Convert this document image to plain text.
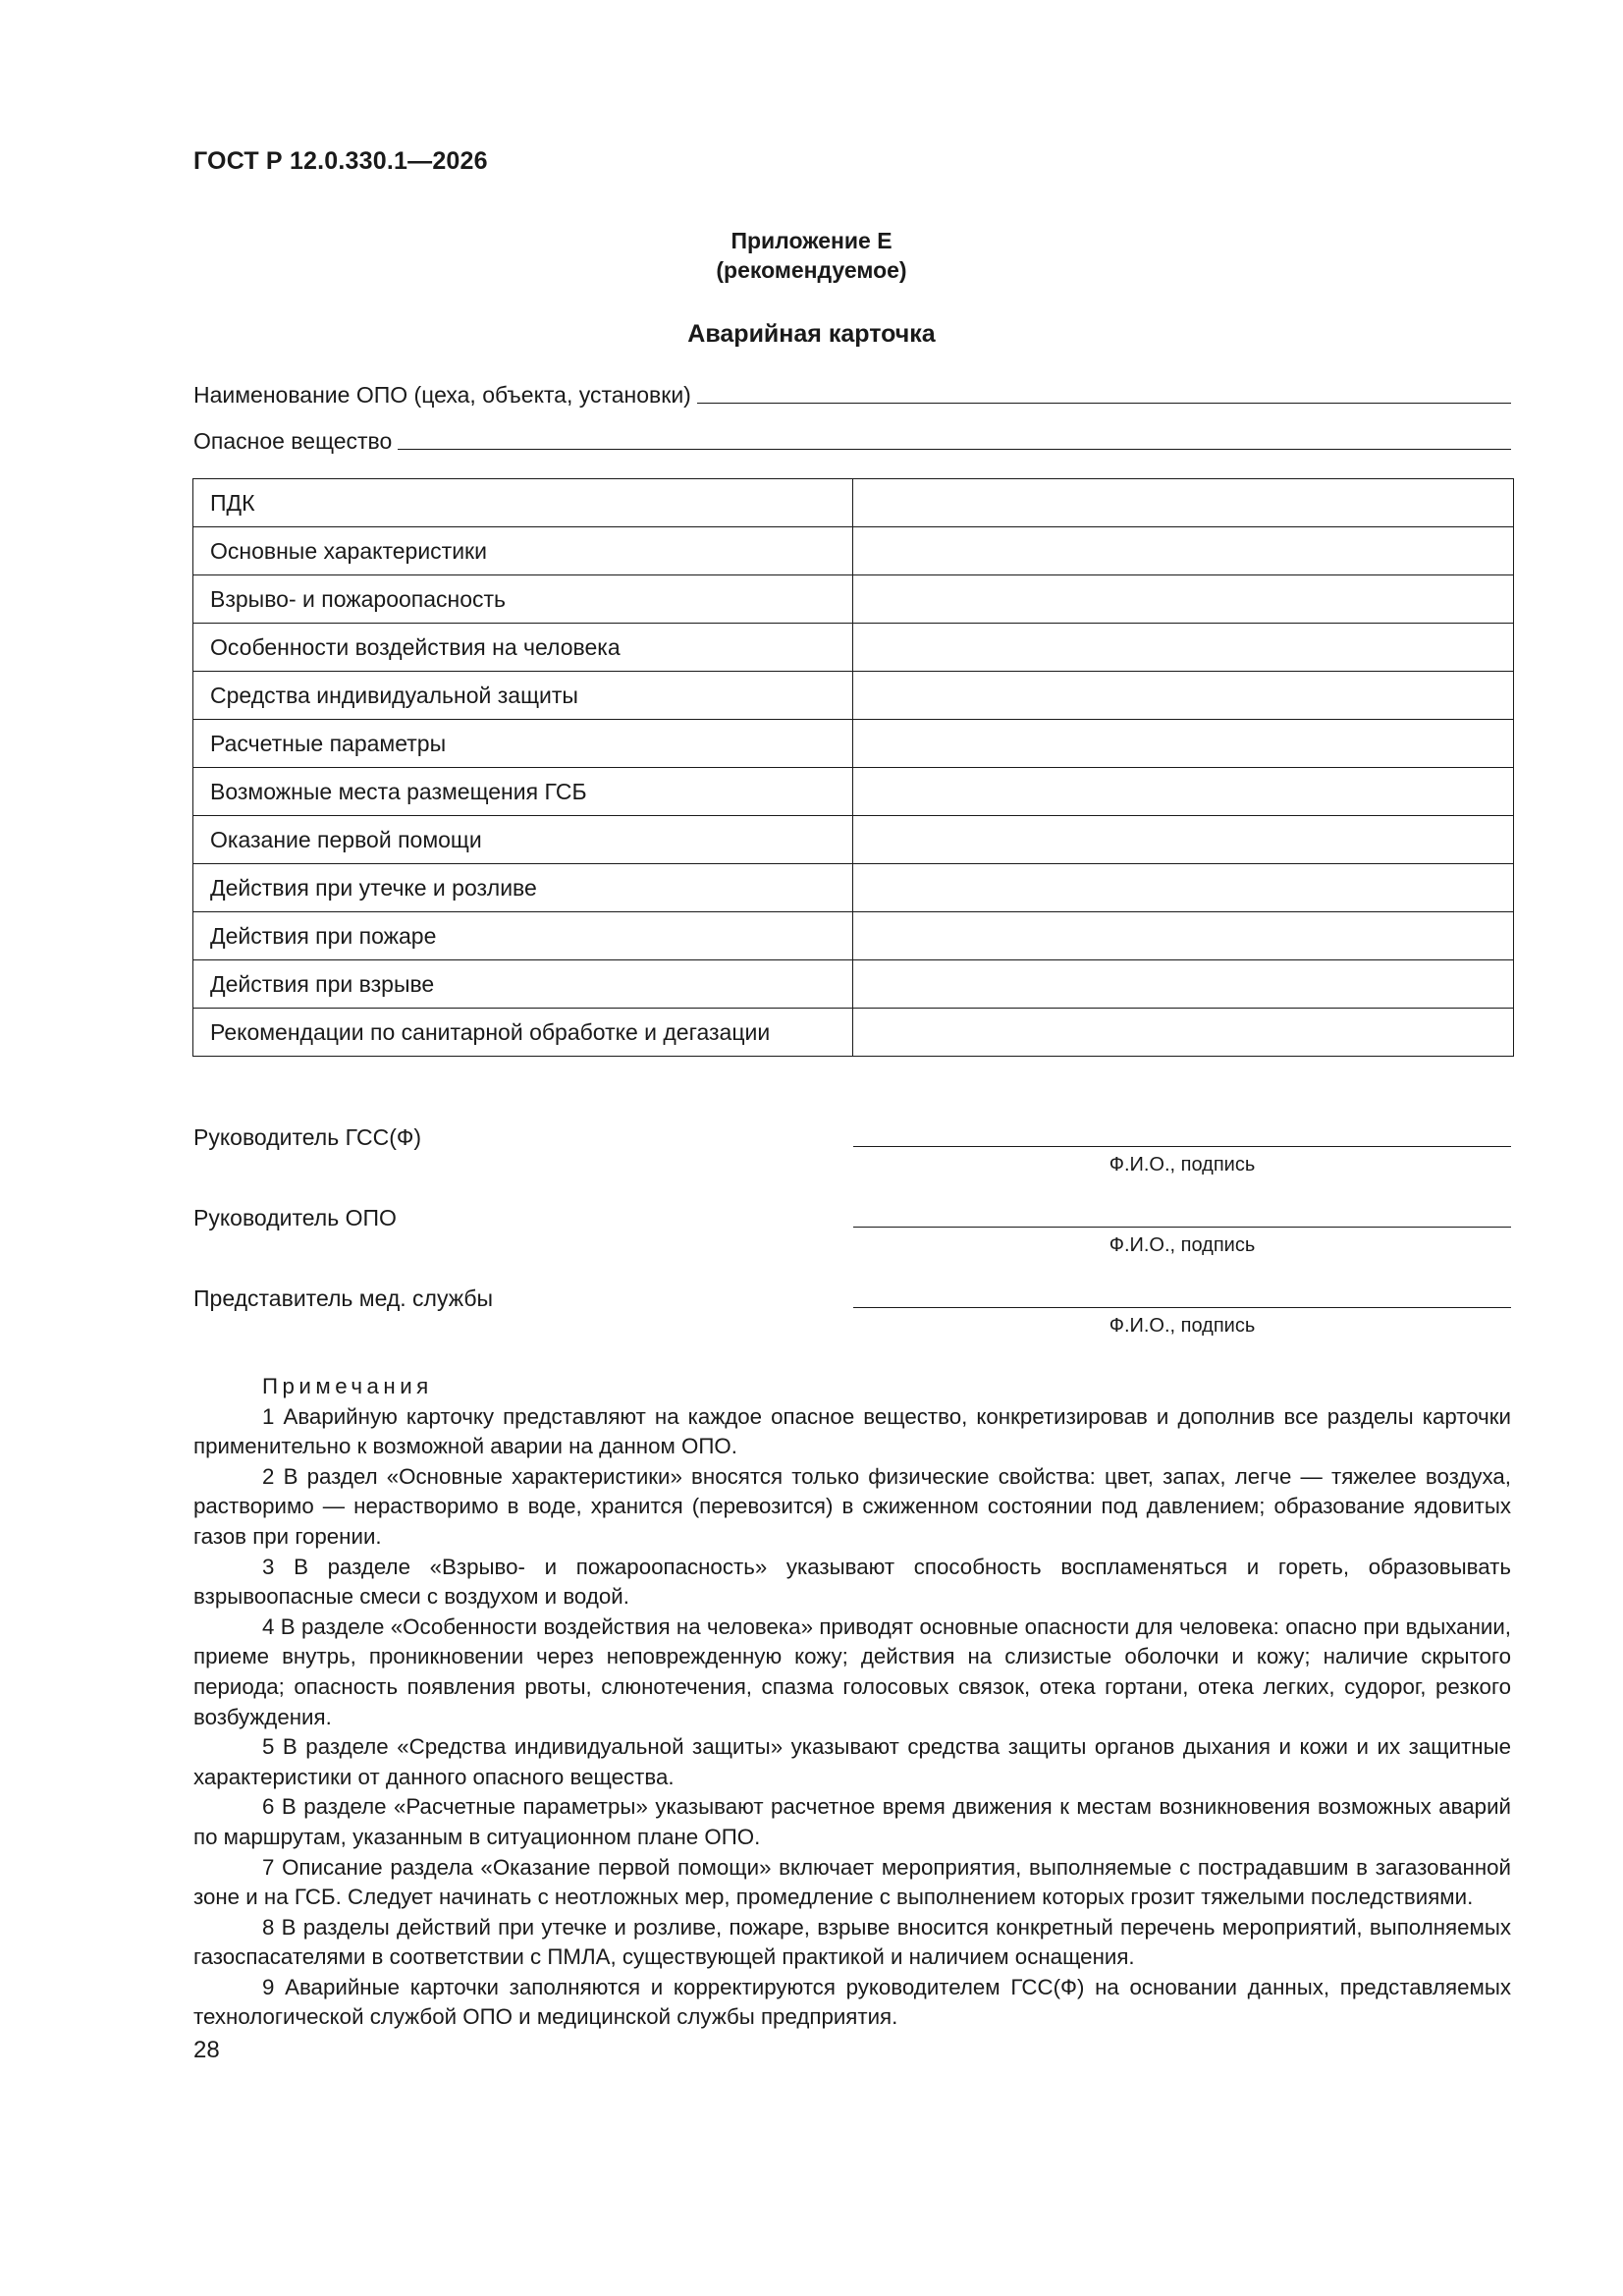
ГОСТ Р 12.0.330.1—2026
Приложение Е
(рекомендуемое)
Аварийная карточка
Наименование ОПО (цеха, объекта, установки)
Опасное вещество
ПДК	
Основные характеристики	
Взрыво- и пожароопасность	
Особенности воздействия на человека	
Средства индивидуальной защиты	
Расчетные параметры	
Возможные места размещения ГСБ	
Оказание первой помощи	
Действия при утечке и розливе	
Действия при пожаре	
Действия при взрыве	
Рекомендации по санитарной обработке и дегазации	
Руководитель ГСС(Ф)
Ф.И.О., подпись
Руководитель ОПО
Ф.И.О., подпись
Представитель мед. службы
Ф.И.О., подпись
Примечания

1 Аварийную карточку представляют на каждое опасное вещество, конкретизировав и дополнив все разделы карточки применительно к возможной аварии на данном ОПО.

2 В раздел «Основные характеристики» вносятся только физические свойства: цвет, запах, легче — тяжелее воздуха, растворимо — нерастворимо в воде, хранится (перевозится) в сжиженном состоянии под давлением; образование ядовитых газов при горении.

3 В разделе «Взрыво- и пожароопасность» указывают способность воспламеняться и гореть, образовывать взрывоопасные смеси с воздухом и водой.

4 В разделе «Особенности воздействия на человека» приводят основные опасности для человека: опасно при вдыхании, приеме внутрь, проникновении через неповрежденную кожу; действия на слизистые оболочки и кожу; наличие скрытого периода; опасность появления рвоты, слюнотечения, спазма голосовых связок, отека гортани, отека легких, судорог, резкого возбуждения.

5 В разделе «Средства индивидуальной защиты» указывают средства защиты органов дыхания и кожи и их защитные характеристики от данного опасного вещества.

6 В разделе «Расчетные параметры» указывают расчетное время движения к местам возникновения возможных аварий по маршрутам, указанным в ситуационном плане ОПО.

7 Описание раздела «Оказание первой помощи» включает мероприятия, выполняемые с пострадавшим в загазованной зоне и на ГСБ. Следует начинать с неотложных мер, промедление с выполнением которых грозит тяжелыми последствиями.

8 В разделы действий при утечке и розливе, пожаре, взрыве вносится конкретный перечень мероприятий, выполняемых газоспасателями в соответствии с ПМЛА, существующей практикой и наличием оснащения.

9 Аварийные карточки заполняются и корректируются руководителем ГСС(Ф) на основании данных, представляемых технологической службой ОПО и медицинской службы предприятия.

28
